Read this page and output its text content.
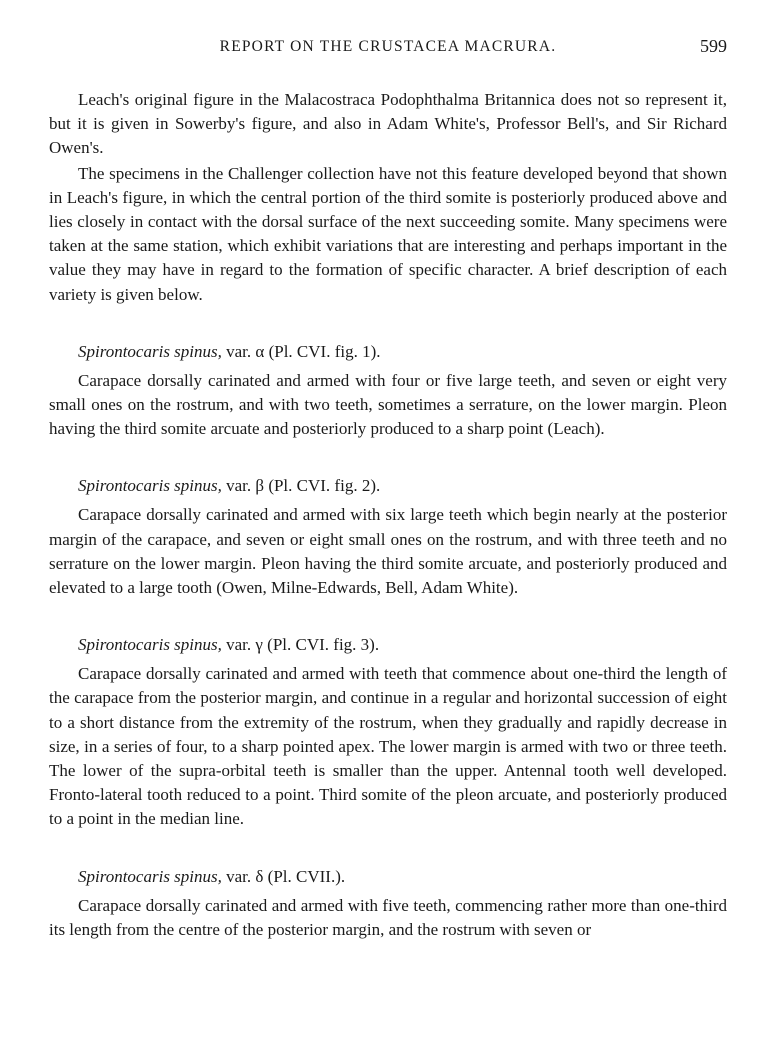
REPORT ON THE CRUSTACEA MACRURA.	599

Leach's original figure in the Malacostraca Podophthalma Britannica does not so represent it, but it is given in Sowerby's figure, and also in Adam White's, Professor Bell's, and Sir Richard Owen's.

The specimens in the Challenger collection have not this feature developed beyond that shown in Leach's figure, in which the central portion of the third somite is posteriorly produced above and lies closely in contact with the dorsal surface of the next succeeding somite. Many specimens were taken at the same station, which exhibit variations that are interesting and perhaps important in the value they may have in regard to the formation of specific character. A brief description of each variety is given below.

Spirontocaris spinus, var. α (Pl. CVI. fig. 1).

Carapace dorsally carinated and armed with four or five large teeth, and seven or eight very small ones on the rostrum, and with two teeth, sometimes a serrature, on the lower margin. Pleon having the third somite arcuate and posteriorly produced to a sharp point (Leach).

Spirontocaris spinus, var. β (Pl. CVI. fig. 2).

Carapace dorsally carinated and armed with six large teeth which begin nearly at the posterior margin of the carapace, and seven or eight small ones on the rostrum, and with three teeth and no serrature on the lower margin. Pleon having the third somite arcuate, and posteriorly produced and elevated to a large tooth (Owen, Milne-Edwards, Bell, Adam White).

Spirontocaris spinus, var. γ (Pl. CVI. fig. 3).

Carapace dorsally carinated and armed with teeth that commence about one-third the length of the carapace from the posterior margin, and continue in a regular and horizontal succession of eight to a short distance from the extremity of the rostrum, when they gradually and rapidly decrease in size, in a series of four, to a sharp pointed apex. The lower margin is armed with two or three teeth. The lower of the supra-orbital teeth is smaller than the upper. Antennal tooth well developed. Fronto-lateral tooth reduced to a point. Third somite of the pleon arcuate, and posteriorly produced to a point in the median line.

Spirontocaris spinus, var. δ (Pl. CVII.).

Carapace dorsally carinated and armed with five teeth, commencing rather more than one-third its length from the centre of the posterior margin, and the rostrum with seven or
